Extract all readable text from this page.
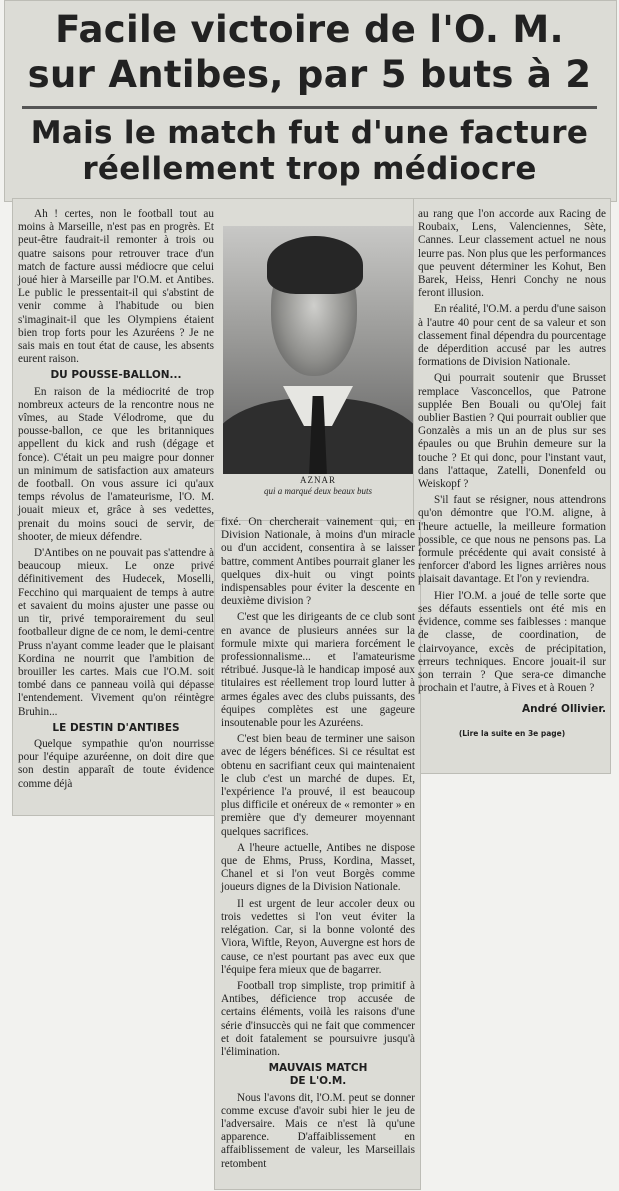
Facile victoire de l'O. M.
sur Antibes, par 5 buts à 2
Mais le match fut d'une facture
réellement trop médiocre

Ah ! certes, non le football tout au moins à Marseille, n'est pas en progrès. Et peut-être faudrait-il remonter à trois ou quatre saisons pour retrouver trace d'un match de facture aussi médiocre que celui joué hier à Marseille par l'O.M. et Antibes. Le public le pressentait-il qui s'abstint de venir comme à l'habitude ou bien s'imaginait-il que les Olympiens étaient bien trop forts pour les Azuréens ? Je ne sais mais en tout état de cause, les absents eurent raison.

DU POUSSE-BALLON...

En raison de la médiocrité de trop nombreux acteurs de la rencontre nous ne vîmes, au Stade Vélodrome, que du pousse-ballon, ce que les britanniques appellent du kick and rush (dégage et fonce). C'était un peu maigre pour donner un minimum de satisfaction aux amateurs de football. On vous assure ici qu'aux temps révolus de l'amateurisme, l'O. M. jouait mieux et, grâce à ses vedettes, prenait du moins souci de servir, de shooter, de mieux défendre.

D'Antibes on ne pouvait pas s'attendre à beaucoup mieux. Le onze privé définitivement des Hudecek, Moselli, Fecchino qui marquaient de temps à autre et savaient du moins ajuster une passe ou un tir, privé temporairement du seul footballeur digne de ce nom, le demi-centre Pruss n'ayant comme leader que le plaisant Kordina ne nourrit que l'ambition de brouiller les cartes. Mais cue l'O.M. soit tombé dans ce panneau voilà qui dépasse l'entendement. Vivement qu'on réintègre Bruhin...

LE DESTIN D'ANTIBES

Quelque sympathie qu'on nourrisse pour l'équipe azuréenne, on doit dire que son destin apparaît de toute évidence comme déjà

AZNAR
qui a marqué deux beaux buts

fixé. On chercherait vainement qui, en Division Nationale, à moins d'un miracle ou d'un accident, consentira à se laisser battre, comment Antibes pourrait glaner les quelques dix-huit ou vingt points indispensables pour éviter la descente en deuxième division ?

C'est que les dirigeants de ce club sont en avance de plusieurs années sur la formule mixte qui mariera forcément le professionnalisme... et l'amateurisme rétribué. Jusque-là le handicap imposé aux titulaires est réellement trop lourd lutter à armes égales avec des clubs puissants, des équipes complètes est une gageure insoutenable pour les Azuréens.

C'est bien beau de terminer une saison avec de légers bénéfices. Si ce résultat est obtenu en sacrifiant ceux qui maintenaient le club c'est un marché de dupes. Et, l'expérience l'a prouvé, il est beaucoup plus difficile et onéreux de « remonter » en première que d'y demeurer moyennant quelques sacrifices.

A l'heure actuelle, Antibes ne dispose que de Ehms, Pruss, Kordina, Masset, Chanel et si l'on veut Borgès comme joueurs dignes de la Division Nationale.

Il est urgent de leur accoler deux ou trois vedettes si l'on veut éviter la relégation. Car, si la bonne volonté des Viora, Wiftle, Reyon, Auvergne est hors de cause, ce n'est pourtant pas avec eux que l'équipe fera mieux que de bagarrer.

Football trop simpliste, trop primitif à Antibes, déficience trop accusée de certains éléments, voilà les raisons d'une série d'insuccès qui ne fait que commencer et doit fatalement se poursuivre jusqu'à l'élimination.

MAUVAIS MATCH
DE L'O.M.

Nous l'avons dit, l'O.M. peut se donner comme excuse d'avoir subi hier le jeu de l'adversaire. Mais ce n'est là qu'une apparence. D'affaiblissement en affaiblissement de valeur, les Marseillais retombent

au rang que l'on accorde aux Racing de Roubaix, Lens, Valenciennes, Sète, Cannes. Leur classement actuel ne nous leurre pas. Non plus que les performances que peuvent déterminer les Kohut, Ben Barek, Heiss, Henri Conchy ne nous feront illusion.

En réalité, l'O.M. a perdu d'une saison à l'autre 40 pour cent de sa valeur et son classement final dépendra du pourcentage de déperdition accusé par les autres formations de Division Nationale.

Qui pourrait soutenir que Brusset remplace Vasconcellos, que Patrone supplée Ben Bouali ou qu'Olej fait oublier Bastien ? Qui pourrait oublier que Gonzalès a mis un an de plus sur ses épaules ou que Bruhin demeure sur la touche ? Et qui donc, pour l'instant vaut, dans l'attaque, Zatelli, Donenfeld ou Weiskopf ?

S'il faut se résigner, nous attendrons qu'on démontre que l'O.M. aligne, à l'heure actuelle, la meilleure formation possible, ce que nous ne pensons pas. La formule précédente qui avait consisté à renforcer d'abord les lignes arrières nous plaisait davantage. Et l'on y reviendra.

Hier l'O.M. a joué de telle sorte que ses défauts essentiels ont été mis en évidence, comme ses faiblesses : manque de classe, de coordination, de clairvoyance, excès de précipitation, erreurs techniques. Encore jouait-il sur son terrain ? Que sera-ce dimanche prochain et l'autre, à Fives et à Rouen ?

André Ollivier.
(Lire la suite en 3e page)
